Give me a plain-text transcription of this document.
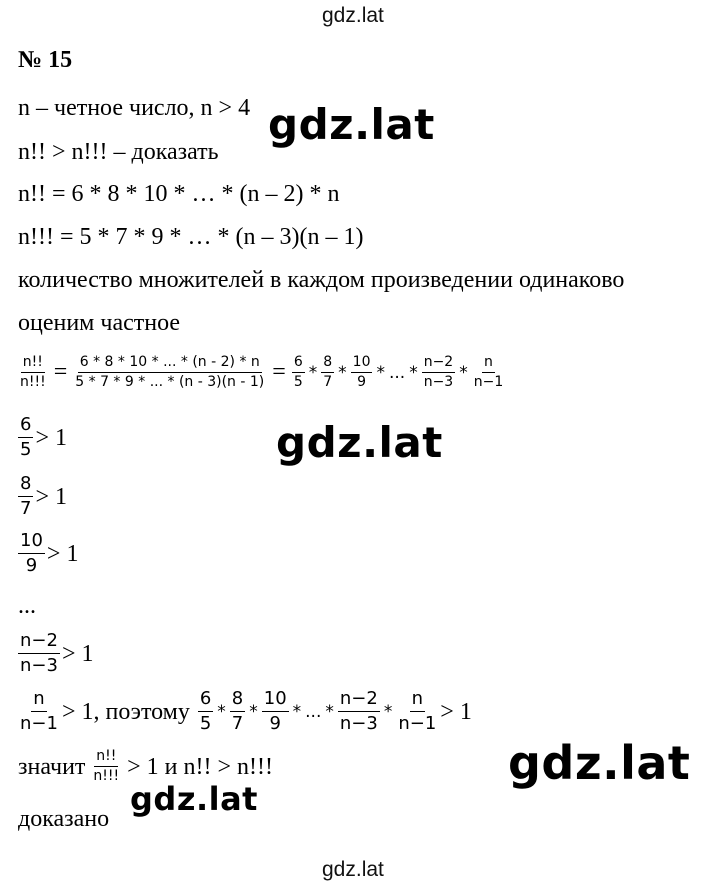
gdz.lat
№ 15
n – четное число, n > 4
n!! > n!!! – доказать
n!! = 6 * 8 * 10 * … * (n – 2) * n
n!!! = 5 * 7 * 9 * … * (n – 3)(n – 1)
количество множителей в каждом произведении одинаково
оценим частное
$\frac{n!!}{n!!!} = \frac{6 * 8 * 10 * ... * (n - 2) * n}{5 * 7 * 9 * ... * (n - 3)(n - 1)} = \frac{6}{5} * \frac{8}{7} * \frac{10}{9}$ * ... * $\frac{n-2}{n-3} * \frac{n}{n-1}$
$\frac{6}{5} > 1$
$\frac{8}{7} > 1$
$\frac{10}{9} > 1$
...
$\frac{n-2}{n-3} > 1$
$\frac{n}{n-1} > 1$ , поэтому $\frac{6}{5} * \frac{8}{7} * \frac{10}{9}$ * ... * $\frac{n-2}{n-3} * \frac{n}{n-1} > 1$
значит $\frac{n!!}{n!!!} > 1$ и n!! > n!!!
доказано
gdz.lat
gdz.lat
gdz.lat
gdz.lat
gdz.lat
